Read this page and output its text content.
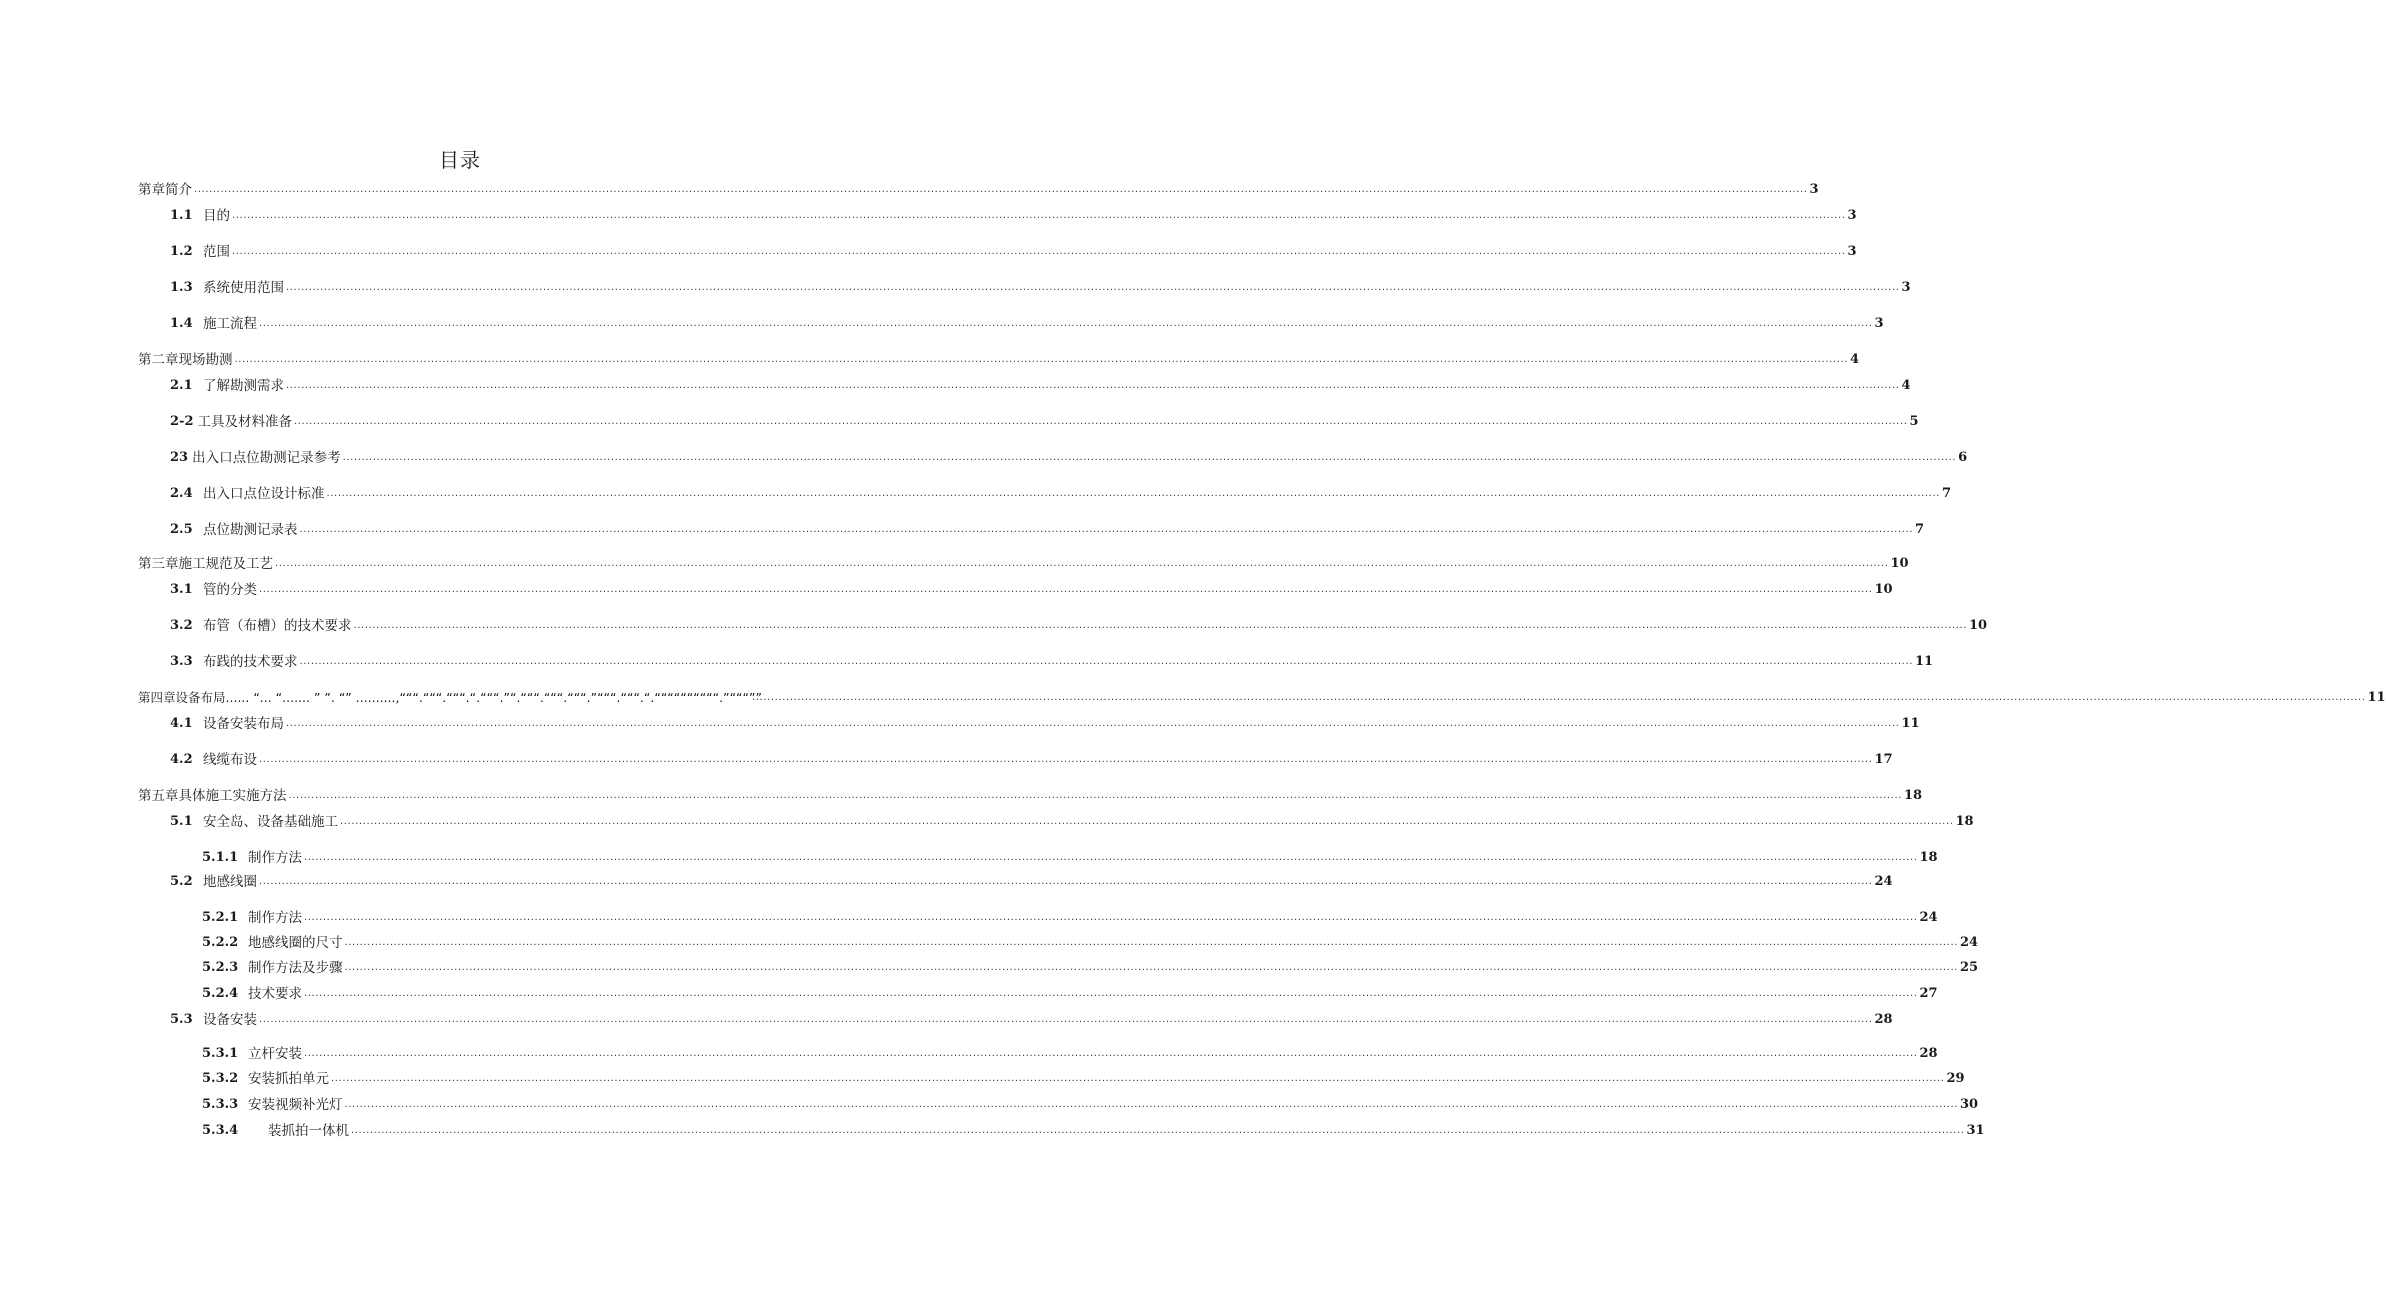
目录
第章简介 .....	3
1.1 目的 .....	3
1.2 范围 .....	3
1.3 系统使用范围 .....	3
1.4 施工流程 .....	3
第二章现场勘测 .....	4
2.1 了解勘测需求 .....	4
2-2 工具及材料准备 .....	5
23 出入口点位勘测记录参考 .....	6
2.4 出入口点位设计标准 .....	7
2.5 点位勘测记录表 .....	7
第三章施工规范及工艺 .....	10
3.1 管的分类 .....	10
3.2 布管（布槽）的技术要求 .....	10
3.3 布践的技术要求 .....	11
第四章设备布局...... “... “....... ” ”. “” ..........,“““.“““.“““.“.“““.”“.“““.“““.“““.”“““.“““.“.““““““““““.”“““”” .....	11
4.1 设备安装布局 .....	11
4.2 线缆布设 .....	17
第五章具体施工实施方法 .....	18
5.1 安全岛、设备基础施工 .....	18
5.1.1 制作方法 .....	18
5.2 地感线圈 .....	24
5.2.1 制作方法 .....	24
5.2.2 地感线圈的尺寸 .....	24
5.2.3 制作方法及步骤 .....	25
5.2.4 技术要求 .....	27
5.3 设备安装 .....	28
5.3.1 立杆安装 .....	28
5.3.2 安装抓拍单元 .....	29
5.3.3 安装视频补光灯 .....	30
5.3.4	装抓拍一体机 .....	31
